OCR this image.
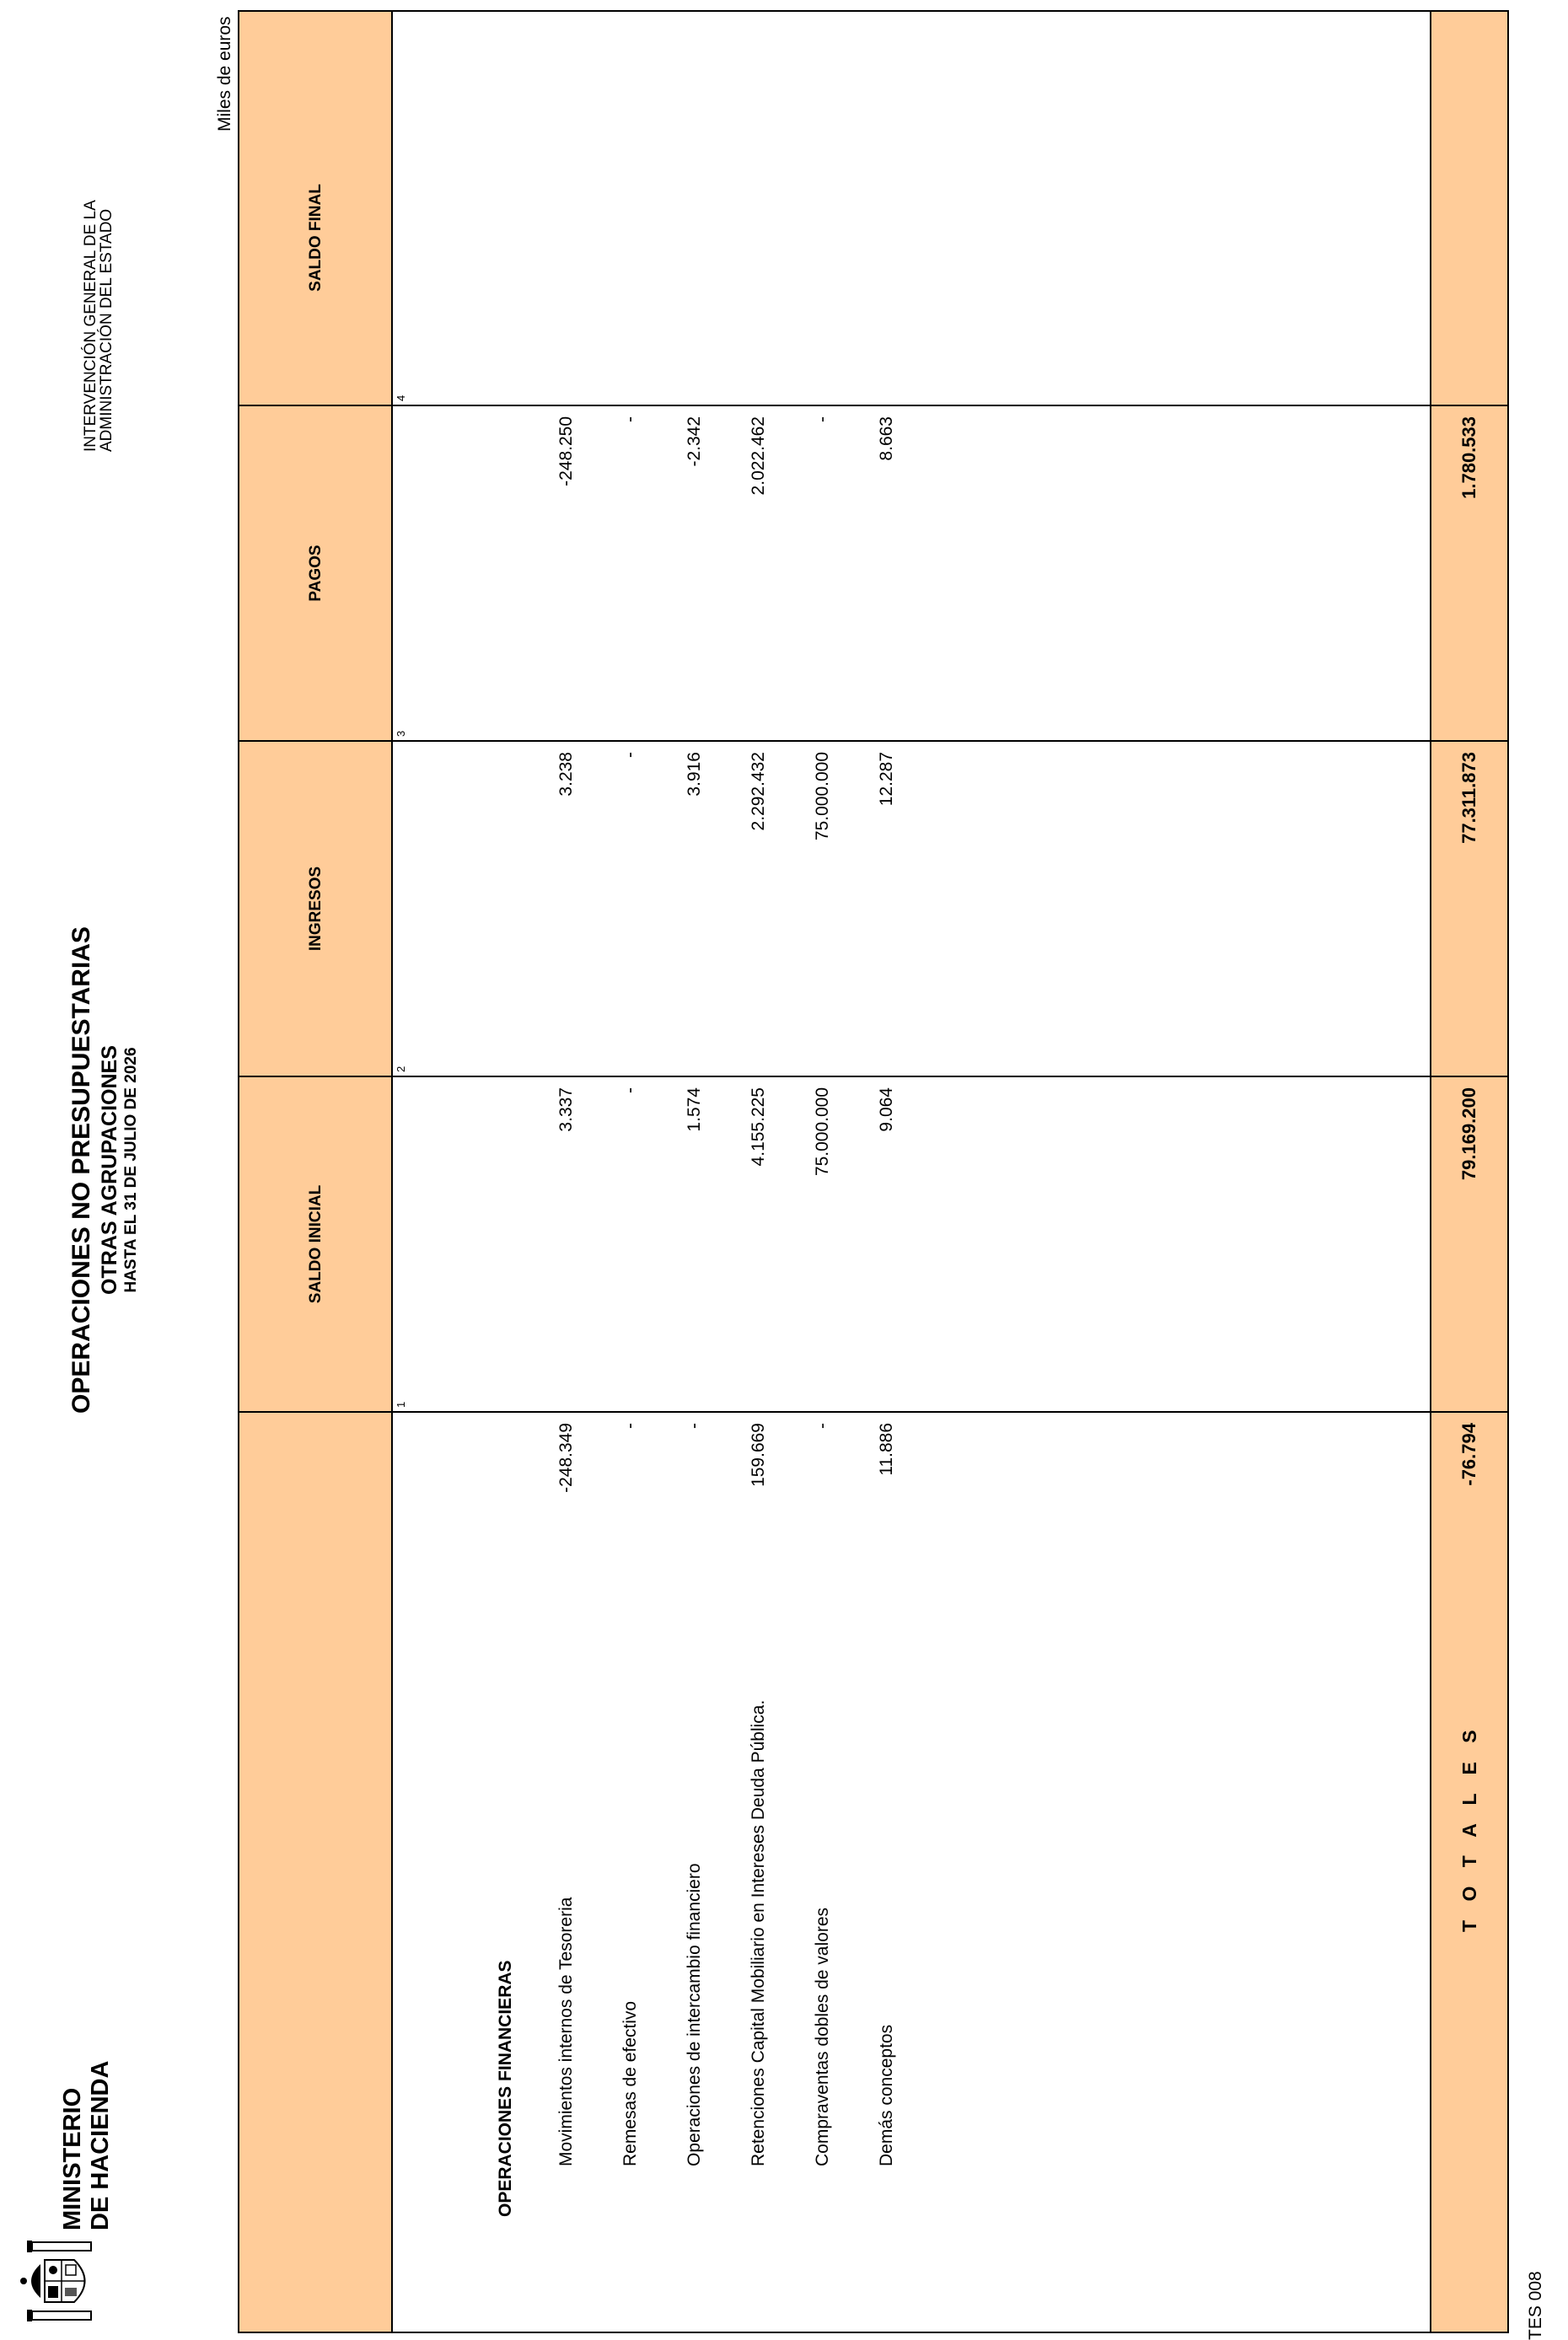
MINISTERIO DE HACIENDA
OPERACIONES NO PRESUPUESTARIAS OTRAS AGRUPACIONES HASTA EL 31 DE JULIO DE 2026
INTERVENCIÓN GENERAL DE LA
ADMINISTRACIÓN DEL ESTADO
Miles de euros
TES 008
SALDO INICIAL
INGRESOS
PAGOS
SALDO FINAL
1
2
3
4
OPERACIONES FINANCIERAS Movimientos internos de Tesoreria
-248.349
3.337
3.238
-248.250
Remesas de efectivo
-
-
-
-
Operaciones de intercambio financiero
-
1.574
3.916
-2.342
Retenciones Capital Mobiliario en Intereses Deuda Pública.
159.669
4.155.225
2.292.432
2.022.462
Compraventas dobles de valores
-
75.000.000
75.000.000
-
Demás conceptos
11.886
9.064
12.287
8.663
T O T A L E S
-76.794
79.169.200
77.311.873
1.780.533
